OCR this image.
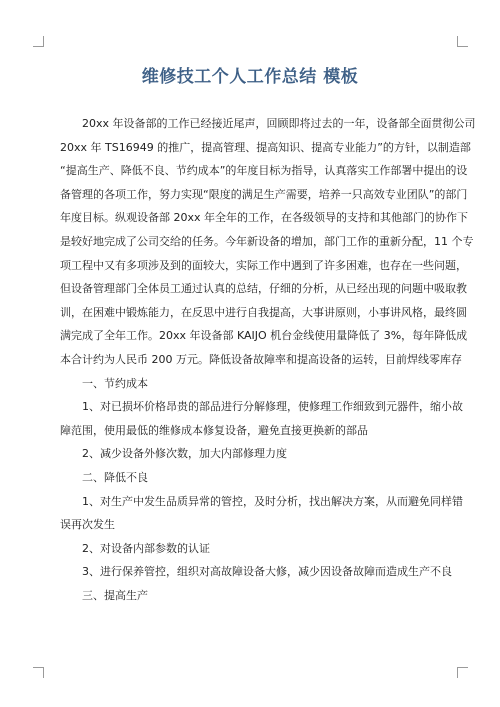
维修技工个人工作总结 模板
20xx 年设备部的工作已经接近尾声，回顾即将过去的一年，设备部全面贯彻公司
20xx 年 TS16949 的推广，提高管理、提高知识、提高专业能力”的方针，以制造部
“提高生产、降低不良、节约成本”的年度目标为指导，认真落实工作部署中提出的设
备管理的各项工作，努力实现“限度的满足生产需要，培养一只高效专业团队”的部门
年度目标。纵观设备部 20xx 年全年的工作，在各级领导的支持和其他部门的协作下
是较好地完成了公司交给的任务。今年新设备的增加，部门工作的重新分配，11 个专
项工程中又有多项涉及到的面较大，实际工作中遇到了许多困难，也存在一些问题，
但设备管理部门全体员工通过认真的总结，仔细的分析，从已经出现的问题中吸取教
训，在困难中锻炼能力，在反思中进行自我提高，大事讲原则，小事讲风格，最终圆
满完成了全年工作。20xx 年设备部 KAIJO 机台金线使用量降低了 3%，每年降低成
本合计约为人民币 200 万元。降低设备故障率和提高设备的运转，目前焊线零库存
一、节约成本
1、对已损坏价格昂贵的部品进行分解修理，使修理工作细致到元器件，缩小故
障范围，使用最低的维修成本修复设备，避免直接更换新的部品
2、减少设备外修次数，加大内部修理力度
二、降低不良
1、对生产中发生品质异常的管控，及时分析，找出解决方案，从而避免同样错
误再次发生
2、对设备内部参数的认证
3、进行保养管控，组织对高故障设备大修，减少因设备故障而造成生产不良
三、提高生产
